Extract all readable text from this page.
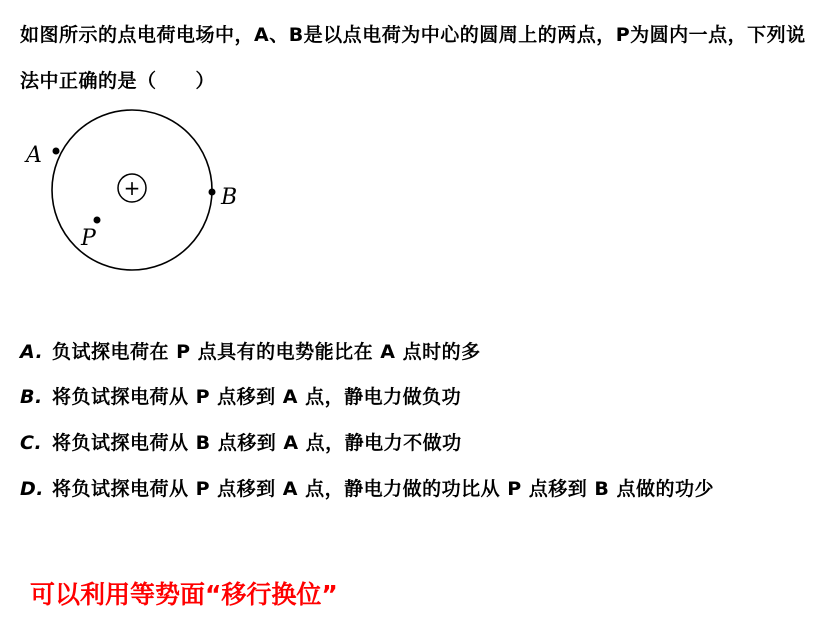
如图所示的点电荷电场中，A、B是以点电荷为中心的圆周上的两点，P为圆内一点，下列说法中正确的是（　　）
+
A
B
P
A. 负试探电荷在 P 点具有的电势能比在 A 点时的多
B. 将负试探电荷从 P 点移到 A 点，静电力做负功
C. 将负试探电荷从 B 点移到 A 点，静电力不做功
D. 将负试探电荷从 P 点移到 A 点，静电力做的功比从 P 点移到 B 点做的功少
可以利用等势面“移行换位”
